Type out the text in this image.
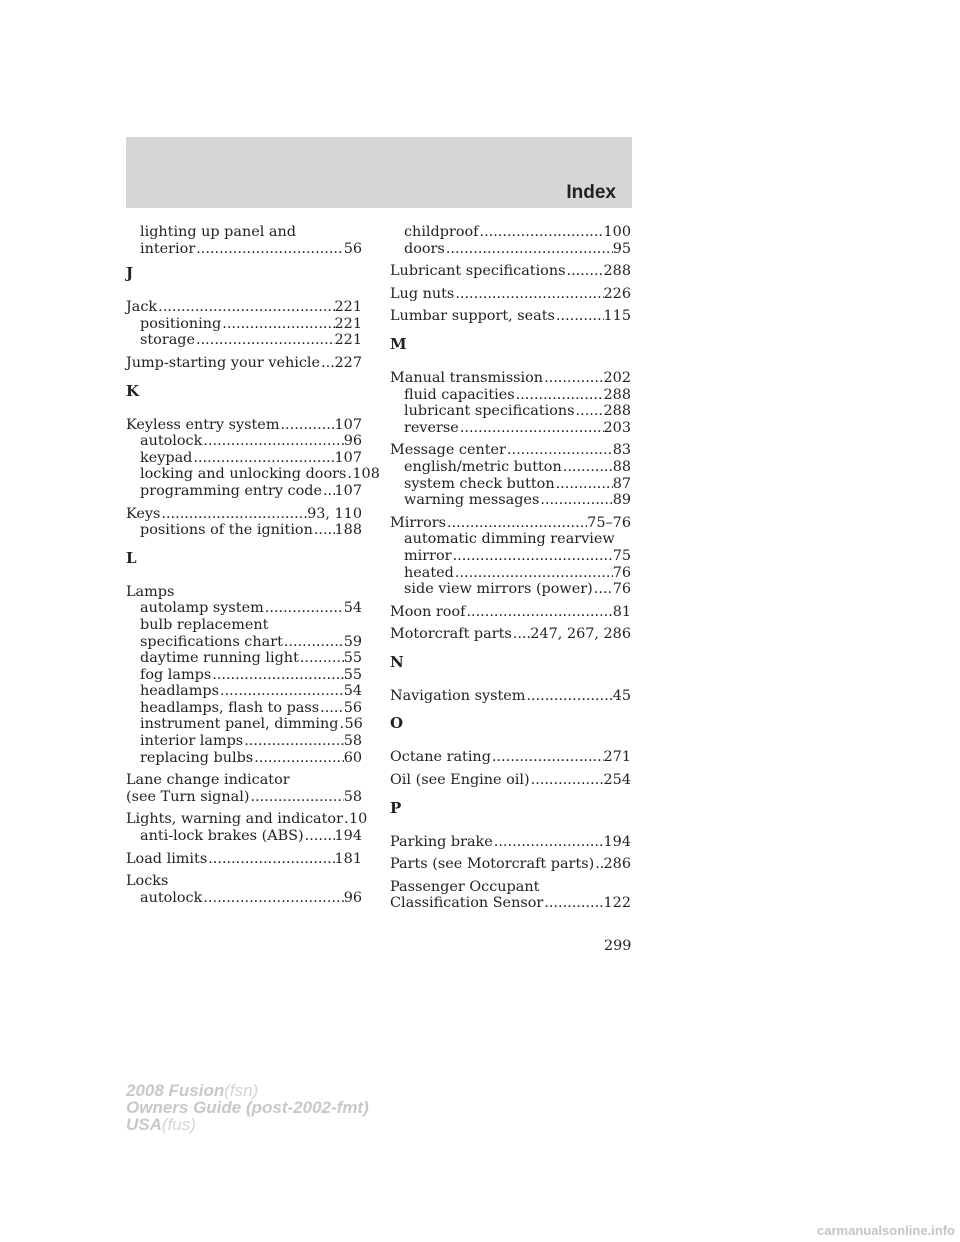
Index
lighting up panel and
interior .....	56
J
Jack .....	221
positioning .....	221
storage .....	221
Jump-starting your vehicle ..... 227
K
Keyless entry system .....	107
autolock .....	96
keypad .....	107
locking and unlocking doors ..... 108
programming entry code ..... 107
Keys .....	93, 110
positions of the ignition ..... 188
L
Lamps
autolamp system .....	54
bulb replacement
specifications chart .....	59
daytime running light .....	55
fog lamps .....	55
headlamps .....	54
headlamps, flash to pass ..... 56
instrument panel, dimming ..... 56
interior lamps .....	58
replacing bulbs .....	60
Lane change indicator
(see Turn signal) .....	58
Lights, warning and indicator ..... 10
anti-lock brakes (ABS) ..... 194
Load limits .....	181
Locks
autolock .....	96
childproof .....	100
doors .....	95
Lubricant specifications .....	288
Lug nuts .....	226
Lumbar support, seats .....	115
M
Manual transmission .....	202
fluid capacities .....	288
lubricant specifications ..... 288
reverse .....	203
Message center .....	83
english/metric button .....	88
system check button .....	87
warning messages .....	89
Mirrors .....	75–76
automatic dimming rearview
mirror .....	75
heated .....	76
side view mirrors (power) ..... 76
Moon roof .....	81
Motorcraft parts ..... 247, 267, 286
N
Navigation system .....	45
O
Octane rating .....	271
Oil (see Engine oil) .....	254
P
Parking brake .....	194
Parts (see Motorcraft parts) ..... 286
Passenger Occupant
Classification Sensor .....	122
299
2008 Fusion(fsn)
Owners Guide (post-2002-fmt)
USA(fus)
carmanualsonline.info
